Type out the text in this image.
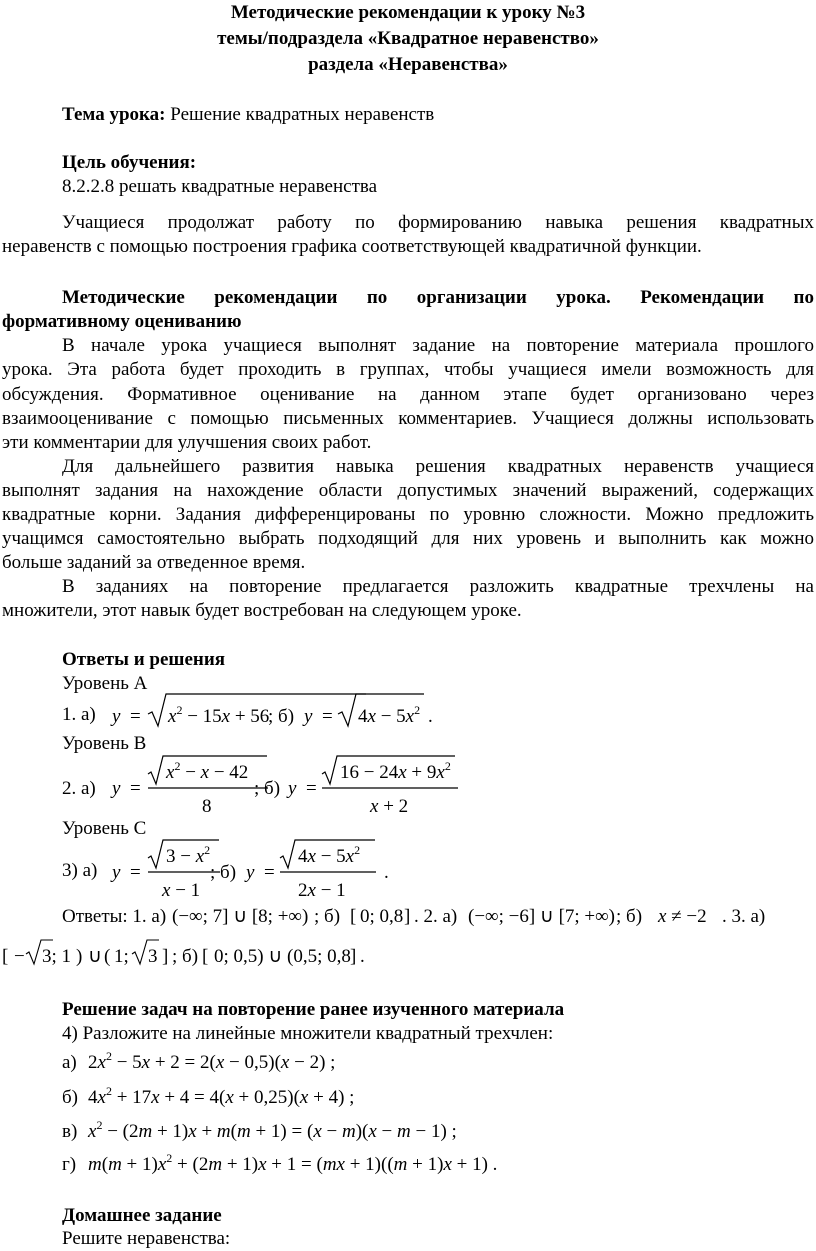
Методические рекомендации к уроку №3
темы/подраздела «Квадратное неравенство»
раздела «Неравенства»
Тема урока: Решение квадратных неравенств
Цель обучения:
8.2.2.8 решать квадратные неравенства
Учащиеся продолжат работу по формированию навыка решения квадратных
неравенств с помощью построения графика соответствующей квадратичной функции.
Методические рекомендации по организации урока. Рекомендации по
формативному оцениванию
В начале урока учащиеся выполнят задание на повторение материала прошлого
урока. Эта работа будет проходить в группах, чтобы учащиеся имели возможность для
обсуждения. Формативное оценивание на данном этапе будет организовано через
взаимооценивание с помощью письменных комментариев. Учащиеся должны использовать
эти комментарии для улучшения своих работ.
Для дальнейшего развития навыка решения квадратных неравенств учащиеся
выполнят задания на нахождение области допустимых значений выражений, содержащих
квадратные корни. Задания дифференцированы по уровню сложности. Можно предложить
учащимся самостоятельно выбрать подходящий для них уровень и выполнить как можно
больше заданий за отведенное время.
В заданиях на повторение предлагается разложить квадратные трехчлены на
множители, этот навык будет востребован на следующем уроке.
Ответы и решения
Уровень А
1. а) $y = x^2 - 15x + 56$
; б) $y = 4x - 5x^2$ .
Уровень В
2. а) y =
$x^2 - x - 42$
8
; б) y =
$16 - 24x + 9x^2$
x + 2
Уровень С
3) а) y =
$3 - x^2$
x − 1
; б) y =
$4x - 5x^2$
2x − 1
.
Ответы: 1. а) (−∞; 7] ∪ [8; +∞) ; б) [ 0; 0,8 ] . 2. а) (−∞; −6] ∪ [7; +∞) ; б) x ≠ −2 . 3. а)
[ − 3; 1 ) ∪ ( 1; 3 ] ; б) [ 0; 0,5) ∪ (0,5; 0,8 ] .
Решение задач на повторение ранее изученного материала
4) Разложите на линейные множители квадратный трехчлен:
а) $2x^2 - 5x + 2 = 2(x - 0,5)(x - 2)$ ;
б) $4x^2 + 17x + 4 = 4(x + 0,25)(x + 4)$ ;
в) $x^2 - (2m + 1)x + m(m + 1) = (x - m)(x - m - 1)$ ;
г) $m(m + 1)x^2 + (2m + 1)x + 1 = (mx + 1)((m + 1)x + 1)$ .
Домашнее задание
Решите неравенства:
